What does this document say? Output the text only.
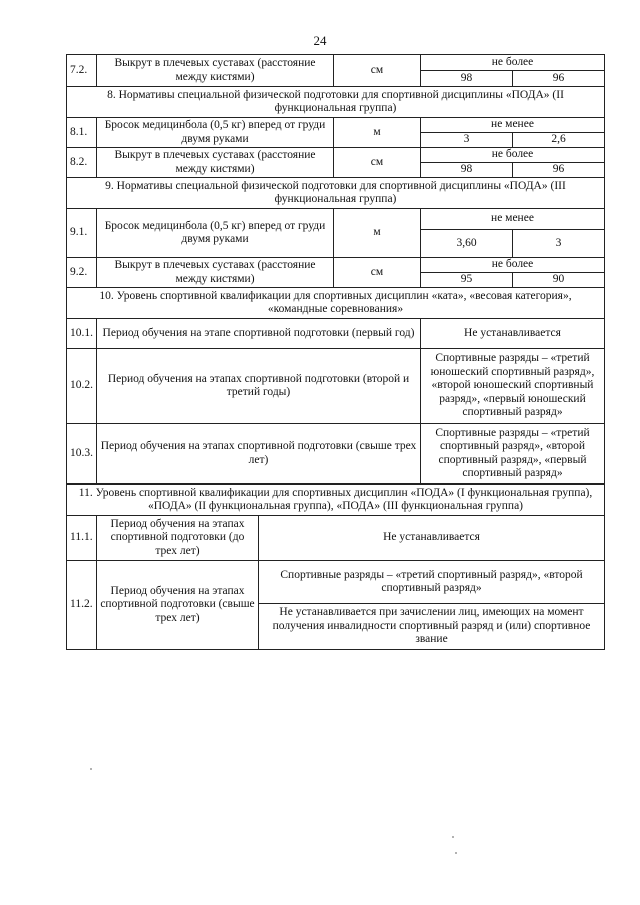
24
7.2.	Выкрут в плечевых суставах (расстояние между кистями)	см	не более	
			98	96
8. Нормативы специальной физической подготовки для спортивной дисциплины «ПОДА» (II функциональная группа)				
8.1.	Бросок медицинбола (0,5 кг) вперед от груди двумя руками	м	не менее	
			3	2,6
8.2.	Выкрут в плечевых суставах (расстояние между кистями)	см	не более	
			98	96
9. Нормативы специальной физической подготовки для спортивной дисциплины «ПОДА» (III функциональная группа)				
9.1.	Бросок медицинбола (0,5 кг) вперед от груди двумя руками	м	не менее	
			3,60	3
9.2.	Выкрут в плечевых суставах (расстояние между кистями)	см	не более	
			95	90
10. Уровень спортивной квалификации для спортивных дисциплин «ката», «весовая категория», «командные соревнования»				
10.1.	Период обучения на этапе спортивной подготовки (первый год)		Не устанавливается	
10.2.	Период обучения на этапах спортивной подготовки (второй и третий годы)		Спортивные разряды – «третий юношеский спортивный разряд», «второй юношеский спортивный разряд», «первый юношеский спортивный разряд»	
10.3.	Период обучения на этапах спортивной подготовки (свыше трех лет)		Спортивные разряды – «третий спортивный разряд», «второй спортивный разряд», «первый спортивный разряд»	
11. Уровень спортивной квалификации для спортивных дисциплин «ПОДА» (I функциональная группа), «ПОДА» (II функциональная группа), «ПОДА» (III функциональная группа)		
11.1.	Период обучения на этапах спортивной подготовки (до трех лет)	Не устанавливается
11.2.	Период обучения на этапах спортивной подготовки (свыше трех лет)	Спортивные разряды – «третий спортивный разряд», «второй спортивный разряд»
		Не устанавливается при зачислении лиц, имеющих на момент получения инвалидности спортивный разряд и (или) спортивное звание
